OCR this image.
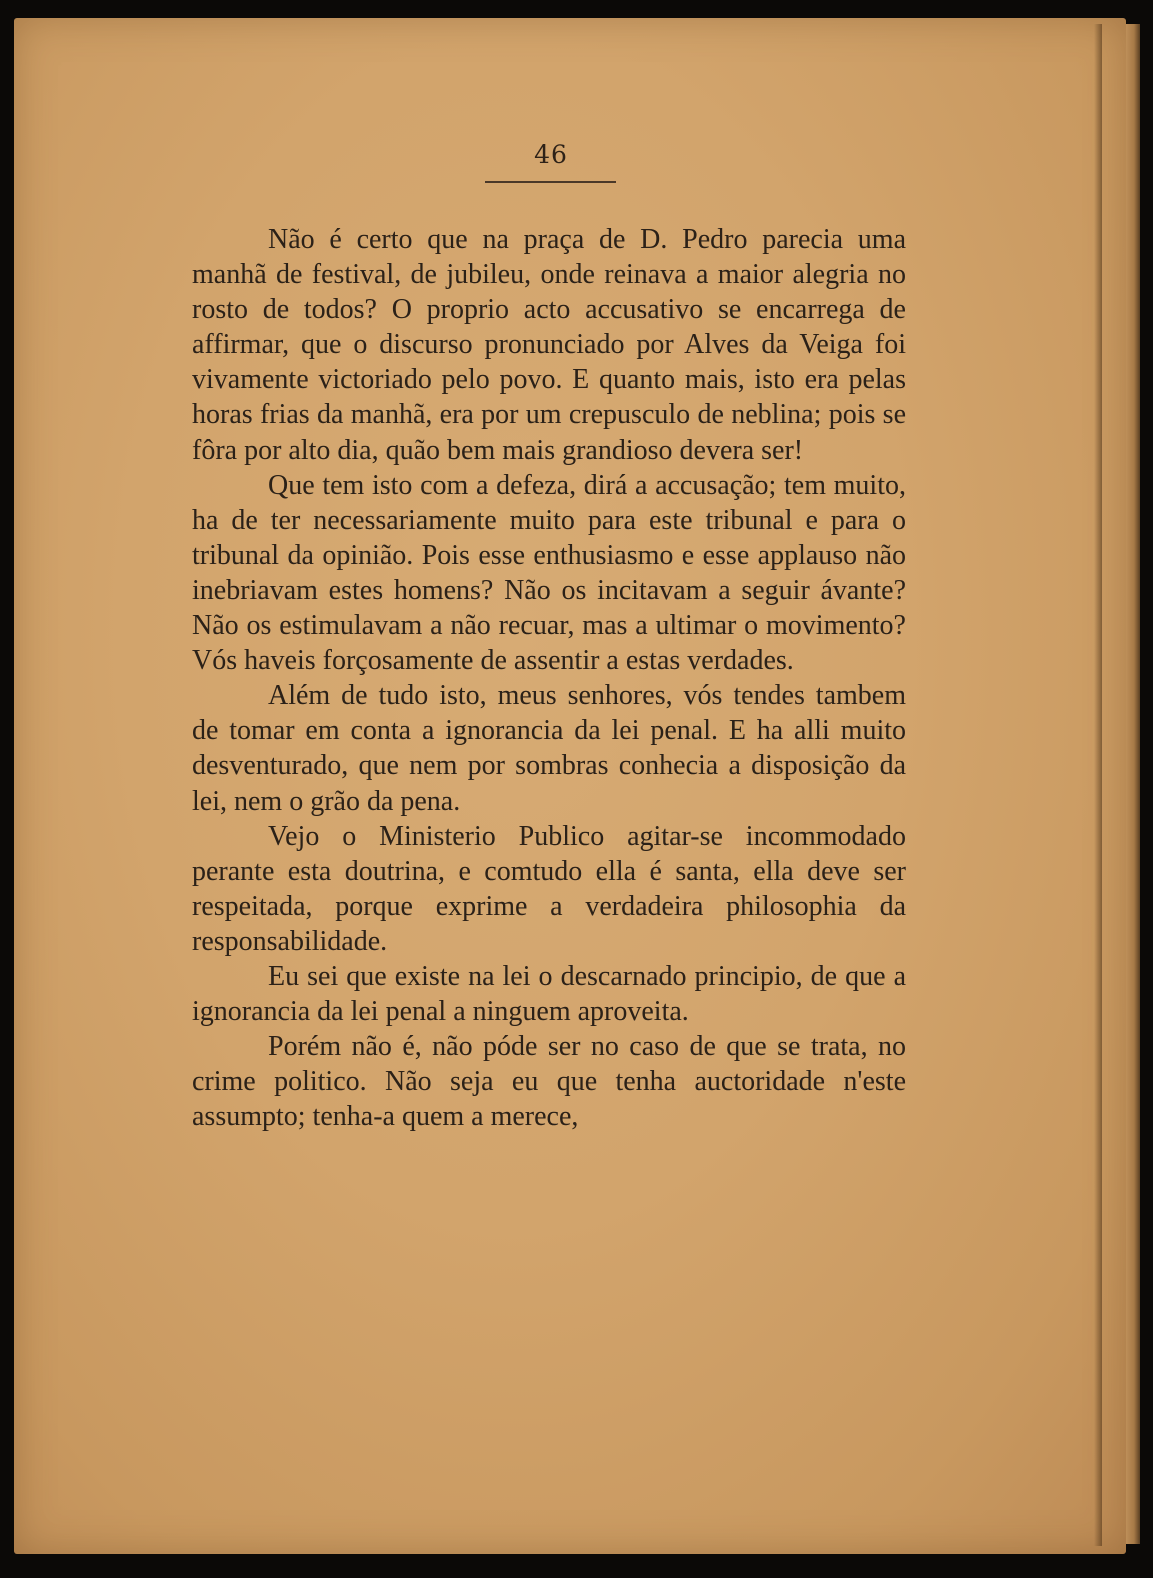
46

Não é certo que na praça de D. Pedro parecia uma manhã de festival, de jubileu, onde reinava a maior alegria no rosto de todos? O proprio acto accusativo se encarrega de affirmar, que o discurso pronunciado por Alves da Veiga foi vivamente victoriado pelo povo. E quanto mais, isto era pelas horas frias da manhã, era por um crepusculo de neblina; pois se fôra por alto dia, quão bem mais grandioso devera ser!

Que tem isto com a defeza, dirá a accusação; tem muito, ha de ter necessariamente muito para este tribunal e para o tribunal da opinião. Pois esse enthusiasmo e esse applauso não inebriavam estes homens? Não os incitavam a seguir ávante? Não os estimulavam a não recuar, mas a ultimar o movimento? Vós haveis forçosamente de assentir a estas verdades.

Além de tudo isto, meus senhores, vós tendes tambem de tomar em conta a ignorancia da lei penal. E ha alli muito desventurado, que nem por sombras conhecia a disposição da lei, nem o grão da pena.

Vejo o Ministerio Publico agitar-se incommodado perante esta doutrina, e comtudo ella é santa, ella deve ser respeitada, porque exprime a verdadeira philosophia da responsabilidade.

Eu sei que existe na lei o descarnado principio, de que a ignorancia da lei penal a ninguem aproveita.

Porém não é, não póde ser no caso de que se trata, no crime politico. Não seja eu que tenha auctoridade n'este assumpto; tenha-a quem a merece,
